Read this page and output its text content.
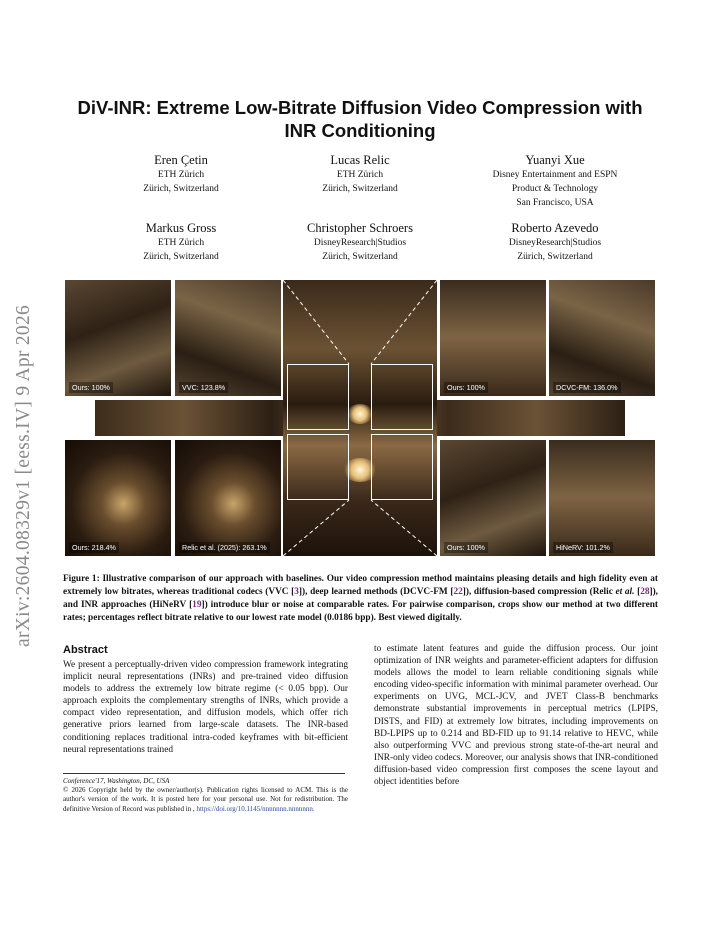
arXiv:2604.08329v1 [eess.IV] 9 Apr 2026
DiV-INR: Extreme Low-Bitrate Diffusion Video Compression with INR Conditioning
Eren Çetin
ETH Zürich
Zürich, Switzerland
Lucas Relic
ETH Zürich
Zürich, Switzerland
Yuanyi Xue
Disney Entertainment and ESPN
Product & Technology
San Francisco, USA
Markus Gross
ETH Zürich
Zürich, Switzerland
Christopher Schroers
DisneyResearch|Studios
Zürich, Switzerland
Roberto Azevedo
DisneyResearch|Studios
Zürich, Switzerland
Ours: 100%	VVC: 123.8%	Ours: 100%	DCVC-FM: 136.0%
Ours: 218.4%	Relic et al. (2025): 263.1%	Ours: 100%	HiNeRV: 101.2%
Figure 1: Illustrative comparison of our approach with baselines. Our video compression method maintains pleasing details and high fidelity even at extremely low bitrates, whereas traditional codecs (VVC [3]), deep learned methods (DCVC-FM [22]), diffusion-based compression (Relic et al. [28]), and INR approaches (HiNeRV [19]) introduce blur or noise at comparable rates. For pairwise comparison, crops show our method at two different rates; percentages reflect bitrate relative to our lowest rate model (0.0186 bpp). Best viewed digitally.
Abstract
We present a perceptually-driven video compression framework integrating implicit neural representations (INRs) and pre-trained video diffusion models to address the extremely low bitrate regime (< 0.05 bpp). Our approach exploits the complementary strengths of INRs, which provide a compact video representation, and diffusion models, which offer rich generative priors learned from large-scale datasets. The INR-based conditioning replaces traditional intra-coded keyframes with bit-efficient neural representations trained
Conference'17, Washington, DC, USA
© 2026 Copyright held by the owner/author(s). Publication rights licensed to ACM. This is the author's version of the work. It is posted here for your personal use. Not for redistribution. The definitive Version of Record was published in , https://doi.org/10.1145/nnnnnnn.nnnnnnn.
to estimate latent features and guide the diffusion process. Our joint optimization of INR weights and parameter-efficient adapters for diffusion models allows the model to learn reliable conditioning signals while encoding video-specific information with minimal parameter overhead. Our experiments on UVG, MCL-JCV, and JVET Class-B benchmarks demonstrate substantial improvements in perceptual metrics (LPIPS, DISTS, and FID) at extremely low bitrates, including improvements on BD-LPIPS up to 0.214 and BD-FID up to 91.14 relative to HEVC, while also outperforming VVC and previous strong state-of-the-art neural and INR-only video codecs. Moreover, our analysis shows that INR-conditioned diffusion-based video compression first composes the scene layout and object identities before
